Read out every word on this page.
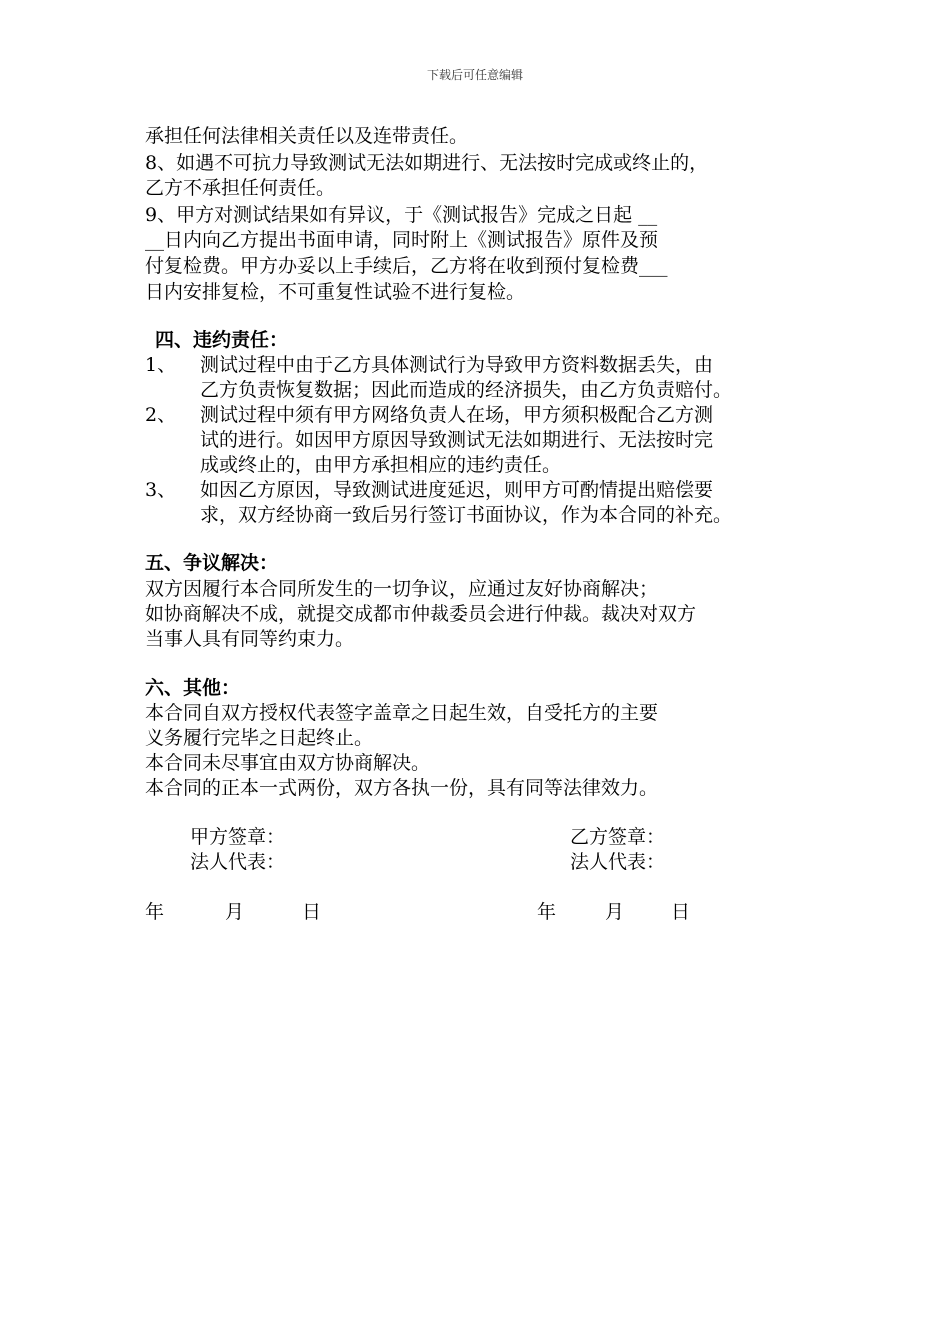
下载后可任意编辑
承担任何法律相关责任以及连带责任。
8、如遇不可抗力导致测试无法如期进行、无法按时完成或终止的，
乙方不承担任何责任。
9、甲方对测试结果如有异议，于《测试报告》完成之日起 __
__日内向乙方提出书面申请，同时附上《测试报告》原件及预
付复检费。甲方办妥以上手续后，乙方将在收到预付复检费___
日内安排复检，不可重复性试验不进行复检。
四、违约责任：
1、 测试过程中由于乙方具体测试行为导致甲方资料数据丢失，由
乙方负责恢复数据；因此而造成的经济损失，由乙方负责赔付。
2、 测试过程中须有甲方网络负责人在场，甲方须积极配合乙方测
试的进行。如因甲方原因导致测试无法如期进行、无法按时完
成或终止的，由甲方承担相应的违约责任。
3、 如因乙方原因，导致测试进度延迟，则甲方可酌情提出赔偿要
求，双方经协商一致后另行签订书面协议，作为本合同的补充。
五、争议解决：
双方因履行本合同所发生的一切争议，应通过友好协商解决；
如协商解决不成，就提交成都市仲裁委员会进行仲裁。裁决对双方
当事人具有同等约束力。
六、其他：
本合同自双方授权代表签字盖章之日起生效，自受托方的主要
义务履行完毕之日起终止。
本合同未尽事宜由双方协商解决。
本合同的正本一式两份，双方各执一份，具有同等法律效力。
甲方签章：
法人代表：
乙方签章：
法人代表：
年	月	日	年	月 日
